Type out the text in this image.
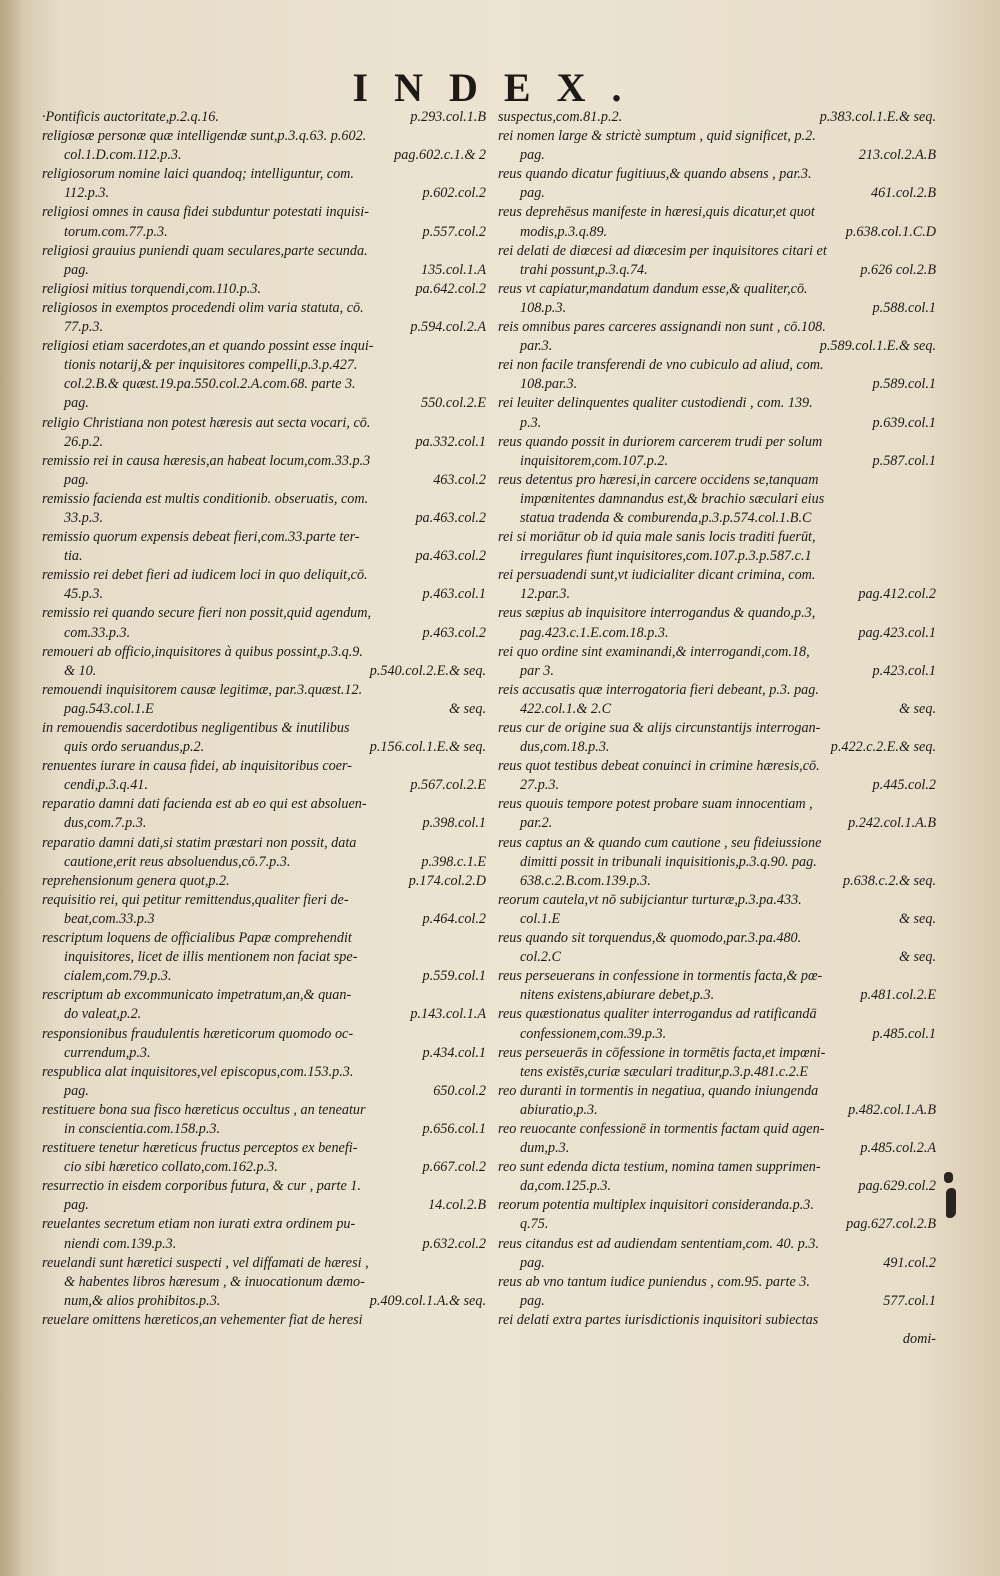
INDEX.
·Pontificis auctoritate,p.2.q.16.	p.293.col.1.B
religiosæ personæ quæ intelligendæ sunt,p.3.q.63. p.602.
col.1.D.com.112.p.3.	pag.602.c.1.& 2
religiosorum nomine laici quandoq; intelliguntur, com.
112.p.3.	p.602.col.2
religiosi omnes in causa fidei subduntur potestati inquisi-
torum.com.77.p.3.	p.557.col.2
religiosi grauius puniendi quam seculares,parte secunda.
pag.	135.col.1.A
religiosi mitius torquendi,com.110.p.3.	pa.642.col.2
religiosos in exemptos procedendi olim varia statuta, cō.
77.p.3.	p.594.col.2.A
religiosi etiam sacerdotes,an et quando possint esse inqui-
tionis notarij,& per inquisitores compelli,p.3.p.427.
col.2.B.& quæst.19.pa.550.col.2.A.com.68. parte 3.
pag.	550.col.2.E
religio Christiana non potest hæresis aut secta vocari, cō.
26.p.2.	pa.332.col.1
remissio rei in causa hæresis,an habeat locum,com.33.p.3
pag.	463.col.2
remissio facienda est multis conditionib. obseruatis, com.
33.p.3.	pa.463.col.2
remissio quorum expensis debeat fieri,com.33.parte ter-
tia.	pa.463.col.2
remissio rei debet fieri ad iudicem loci in quo deliquit,cō.
45.p.3.	p.463.col.1
remissio rei quando secure fieri non possit,quid agendum,
com.33.p.3.	p.463.col.2
remoueri ab officio,inquisitores à quibus possint,p.3.q.9.
& 10.	p.540.col.2.E.& seq.
remouendi inquisitorem causæ legitimæ, par.3.quæst.12.
pag.543.col.1.E	& seq.
in remouendis sacerdotibus negligentibus & inutilibus
quis ordo seruandus,p.2.	p.156.col.1.E.& seq.
renuentes iurare in causa fidei, ab inquisitoribus coer-
cendi,p.3.q.41.	p.567.col.2.E
reparatio damni dati facienda est ab eo qui est absoluen-
dus,com.7.p.3.	p.398.col.1
reparatio damni dati,si statim præstari non possit, data
cautione,erit reus absoluendus,cō.7.p.3.	p.398.c.1.E
reprehensionum genera quot,p.2.	p.174.col.2.D
requisitio rei, qui petitur remittendus,qualiter fieri de-
beat,com.33.p.3	p.464.col.2
rescriptum loquens de officialibus Papæ comprehendit
inquisitores, licet de illis mentionem non faciat spe-
cialem,com.79.p.3.	p.559.col.1
rescriptum ab excommunicato impetratum,an,& quan-
do valeat,p.2.	p.143.col.1.A
responsionibus fraudulentis hæreticorum quomodo oc-
currendum,p.3.	p.434.col.1
respublica alat inquisitores,vel episcopus,com.153.p.3.
pag.	650.col.2
restituere bona sua fisco hæreticus occultus , an teneatur
in conscientia.com.158.p.3.	p.656.col.1
restituere tenetur hæreticus fructus perceptos ex benefi-
cio sibi hæretico collato,com.162.p.3.	p.667.col.2
resurrectio in eisdem corporibus futura, & cur , parte 1.
pag.	14.col.2.B
reuelantes secretum etiam non iurati extra ordinem pu-
niendi com.139.p.3.	p.632.col.2
reuelandi sunt hæretici suspecti , vel diffamati de hæresi ,
& habentes libros hæresum , & inuocationum dæmo-
num,& alios prohibitos.p.3.	p.409.col.1.A.& seq.
reuelare omittens hæreticos,an vehementer fiat de heresi
suspectus,com.81.p.2.	p.383.col.1.E.& seq.
rei nomen large & strictè sumptum , quid significet, p.2.
pag.	213.col.2.A.B
reus quando dicatur fugitiuus,& quando absens , par.3.
pag.	461.col.2.B
reus deprehēsus manifeste in hæresi,quis dicatur,et quot
modis,p.3.q.89.	p.638.col.1.C.D
rei delati de diœcesi ad diœcesim per inquisitores citari et
trahi possunt,p.3.q.74.	p.626 col.2.B
reus vt capiatur,mandatum dandum esse,& qualiter,cō.
108.p.3.	p.588.col.1
reis omnibus pares carceres assignandi non sunt , cō.108.
par.3.	p.589.col.1.E.& seq.
rei non facile transferendi de vno cubiculo ad aliud, com.
108.par.3.	p.589.col.1
rei leuiter delinquentes qualiter custodiendi , com. 139.
p.3.	p.639.col.1
reus quando possit in duriorem carcerem trudi per solum
inquisitorem,com.107.p.2.	p.587.col.1
reus detentus pro hæresi,in carcere occidens se,tanquam
impœnitentes damnandus est,& brachio sæculari eius
statua tradenda & comburenda,p.3.p.574.col.1.B.C
rei si moriātur ob id quia male sanis locis traditi fuerūt,
irregulares fiunt inquisitores,com.107.p.3.p.587.c.1
rei persuadendi sunt,vt iudicialiter dicant crimina, com.
12.par.3.	pag.412.col.2
reus sæpius ab inquisitore interrogandus & quando,p.3,
pag.423.c.1.E.com.18.p.3.	pag.423.col.1
rei quo ordine sint examinandi,& interrogandi,com.18,
par 3.	p.423.col.1
reis accusatis quæ interrogatoria fieri debeant, p.3. pag.
422.col.1.& 2.C	& seq.
reus cur de origine sua & alijs circunstantijs interrogan-
dus,com.18.p.3.	p.422.c.2.E.& seq.
reus quot testibus debeat conuinci in crimine hæresis,cō.
27.p.3.	p.445.col.2
reus quouis tempore potest probare suam innocentiam ,
par.2.	p.242.col.1.A.B
reus captus an & quando cum cautione , seu fideiussione
dimitti possit in tribunali inquisitionis,p.3.q.90. pag.
638.c.2.B.com.139.p.3.	p.638.c.2.& seq.
reorum cautela,vt nō subijciantur turturæ,p.3.pa.433.
col.1.E	& seq.
reus quando sit torquendus,& quomodo,par.3.pa.480.
col.2.C	& seq.
reus perseuerans in confessione in tormentis facta,& pœ-
nitens existens,abiurare debet,p.3.	p.481.col.2.E
reus quæstionatus qualiter interrogandus ad ratificandā
confessionem,com.39.p.3.	p.485.col.1
reus perseuerās in cōfessione in tormētis facta,et impœni-
tens existēs,curiæ sæculari traditur,p.3.p.481.c.2.E
reo duranti in tormentis in negatiua, quando iniungenda
abiuratio,p.3.	p.482.col.1.A.B
reo reuocante confessionē in tormentis factam quid agen-
dum,p.3.	p.485.col.2.A
reo sunt edenda dicta testium, nomina tamen supprimen-
da,com.125.p.3.	pag.629.col.2
reorum potentia multiplex inquisitori consideranda.p.3.
q.75.	pag.627.col.2.B
reus citandus est ad audiendam sententiam,com. 40. p.3.
pag.	491.col.2
reus ab vno tantum iudice puniendus , com.95. parte 3.
pag.	577.col.1
rei delati extra partes iurisdictionis inquisitori subiectas
domi-
